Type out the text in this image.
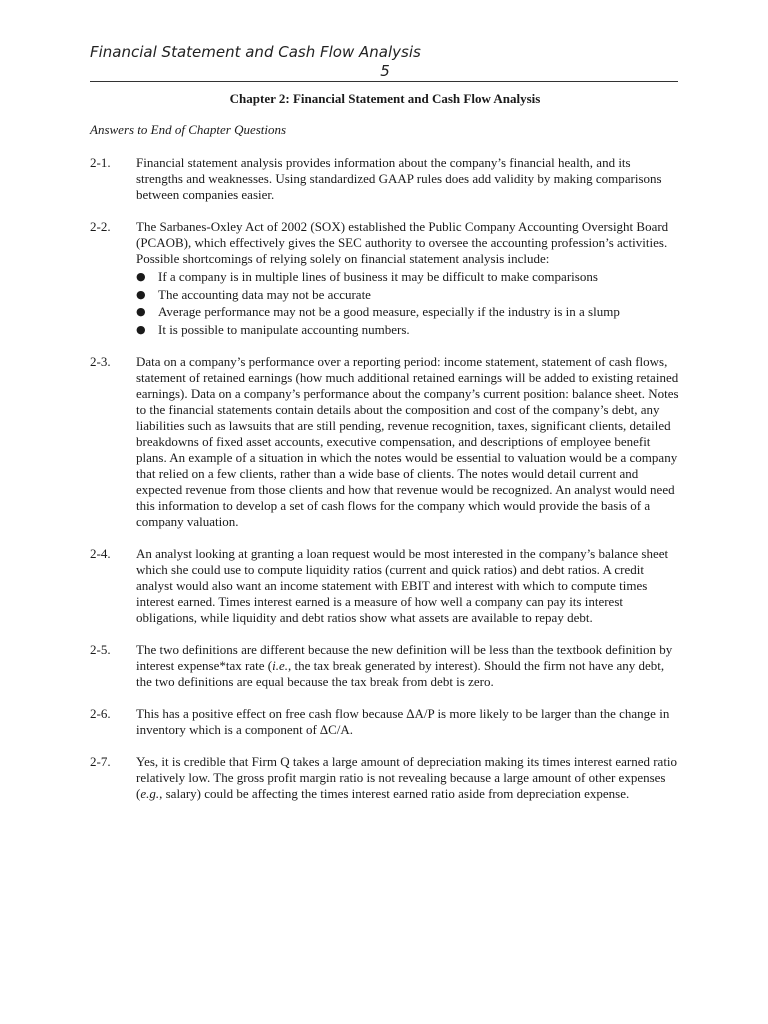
Financial Statement and Cash Flow Analysis
5
Chapter 2: Financial Statement and Cash Flow Analysis
Answers to End of Chapter Questions
2-1.	Financial statement analysis provides information about the company’s financial health, and its strengths and weaknesses. Using standardized GAAP rules does add validity by making comparisons between companies easier.

2-2.	The Sarbanes-Oxley Act of 2002 (SOX) established the Public Company Accounting Oversight Board (PCAOB), which effectively gives the SEC authority to oversee the accounting profession’s activities. Possible shortcomings of relying solely on financial statement analysis include:

● If a company is in multiple lines of business it may be difficult to make comparisons
● The accounting data may not be accurate
● Average performance may not be a good measure, especially if the industry is in a slump
● It is possible to manipulate accounting numbers.
2-3.	Data on a company’s performance over a reporting period: income statement, statement of cash flows, statement of retained earnings (how much additional retained earnings will be added to existing retained earnings). Data on a company’s performance about the company’s current position: balance sheet. Notes to the financial statements contain details about the composition and cost of the company’s debt, any liabilities such as lawsuits that are still pending, revenue recognition, taxes, significant clients, detailed breakdowns of fixed asset accounts, executive compensation, and descriptions of employee benefit plans. An example of a situation in which the notes would be essential to valuation would be a company that relied on a few clients, rather than a wide base of clients. The notes would detail current and expected revenue from those clients and how that revenue would be recognized. An analyst would need this information to develop a set of cash flows for the company which would provide the basis of a company valuation.

2-4.	An analyst looking at granting a loan request would be most interested in the company’s balance sheet which she could use to compute liquidity ratios (current and quick ratios) and debt ratios. A credit analyst would also want an income statement with EBIT and interest with which to compute times interest earned. Times interest earned is a measure of how well a company can pay its interest obligations, while liquidity and debt ratios show what assets are available to repay debt.

2-5.	The two definitions are different because the new definition will be less than the textbook definition by interest expense*tax rate (i.e., the tax break generated by interest). Should the firm not have any debt, the two definitions are equal because the tax break from debt is zero.

2-6.	This has a positive effect on free cash flow because ∆A/P is more likely to be larger than the change in inventory which is a component of ∆C/A.

2-7.	Yes, it is credible that Firm Q takes a large amount of depreciation making its times interest earned ratio relatively low. The gross profit margin ratio is not revealing because a large amount of other expenses (e.g., salary) could be affecting the times interest earned ratio aside from depreciation expense.
